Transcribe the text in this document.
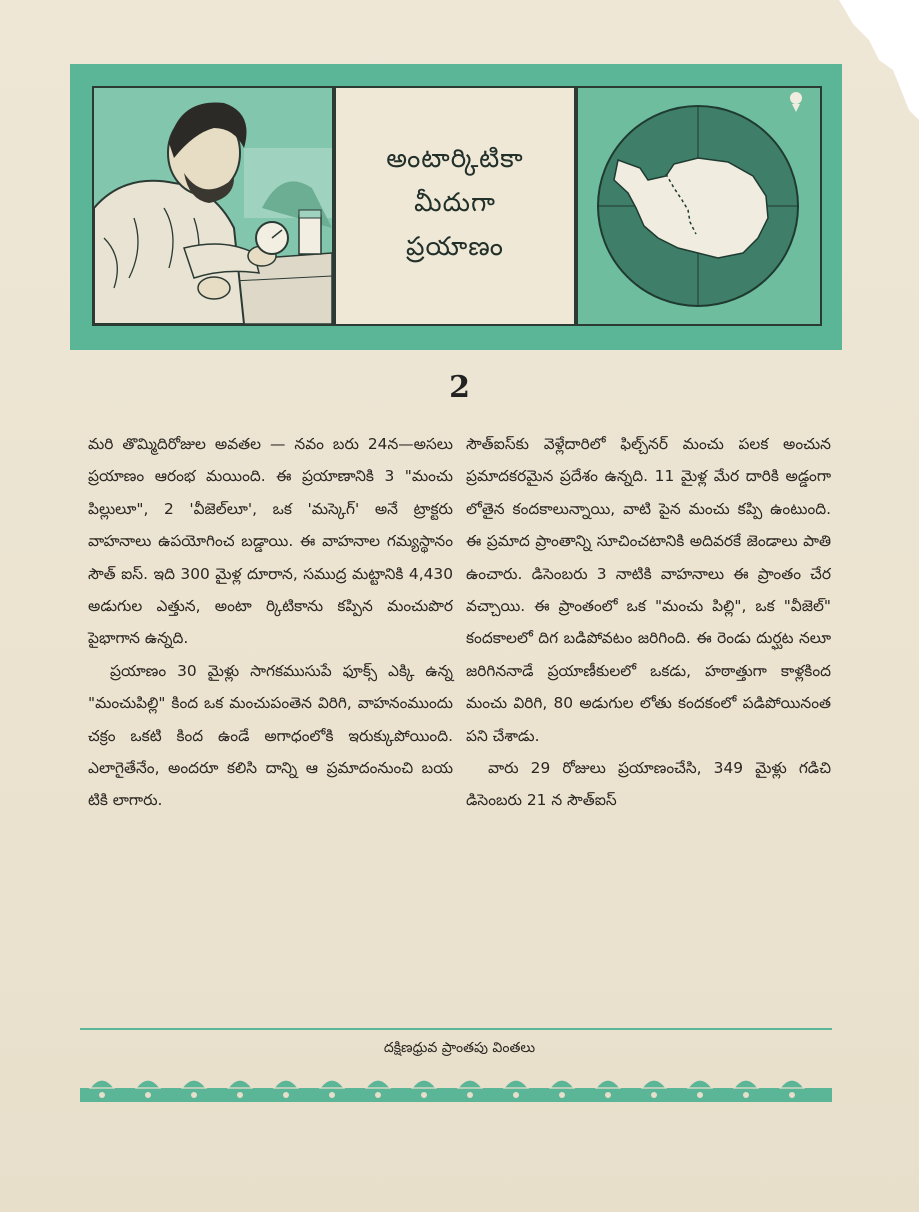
అంటార్కిటికా
మీదుగా
ప్రయాణం
2

మరి తొమ్మిదిరోజుల అవతల — నవం బరు 24న—అసలు ప్రయాణం ఆరంభ మయింది. ఈ ప్రయాణానికి 3 "మంచు పిల్లులూ", 2 'వీజెల్‌లూ', ఒక 'మస్కెగ్' అనే ట్రాక్టరు వాహనాలు ఉపయోగించ బడ్డాయి. ఈ వాహనాల గమ్యస్థానం సౌత్ ఐస్. ఇది 300 మైళ్ల దూరాన, సముద్ర మట్టానికి 4,430 అడుగుల ఎత్తున, అంటా ర్కిటికాను కప్పిన మంచుపొర పైభాగాన ఉన్నది.

ప్రయాణం 30 మైళ్లు సాగకముసుపే ఫూక్స్ ఎక్కి ఉన్న "మంచుపిల్లి" కింద ఒక మంచుపంతెన విరిగి, వాహనంముందు చక్రం ఒకటి కింద ఉండే అగాధంలోకి ఇరుక్కుపోయింది. ఎలాగైతేనేం, అందరూ కలిసి దాన్ని ఆ ప్రమాదంనుంచి బయ టికి లాగారు.

సౌత్ఐస్‌కు వెళ్లేదారిలో ఫిల్చ్‌నర్ మంచు పలక అంచున ప్రమాదకరమైన ప్రదేశం ఉన్నది. 11 మైళ్ల మేర దారికి అడ్డంగా లోతైన కందకాలున్నాయి, వాటి పైన మంచు కప్పి ఉంటుంది. ఈ ప్రమాద ప్రాంతాన్ని సూచించటానికి అదివరకే జెండాలు పాతి ఉంచారు. డిసెంబరు 3 నాటికి వాహనాలు ఈ ప్రాంతం చేర వచ్చాయి. ఈ ప్రాంతంలో ఒక "మంచు పిల్లి", ఒక "వీజెల్" కందకాలలో దిగ బడిపోవటం జరిగింది. ఈ రెండు దుర్ఘట నలూ జరిగిననాడే ప్రయాణీకులలో ఒకడు, హఠాత్తుగా కాళ్లకింద మంచు విరిగి, 80 అడుగుల లోతు కందకంలో పడిపోయినంత పని చేశాడు.

వారు 29 రోజులు ప్రయాణంచేసి, 349 మైళ్లు గడిచి డిసెంబరు 21 న సౌత్ఐస్

దక్షిణధ్రువ ప్రాంతపు వింతలు
